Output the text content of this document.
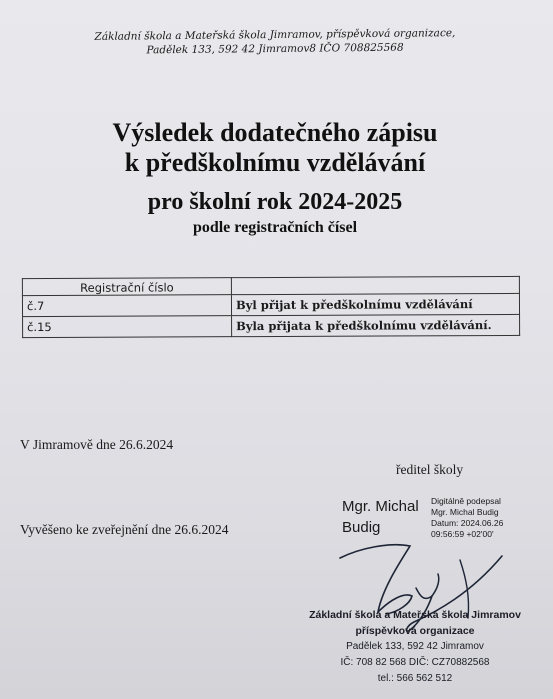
Základní škola a Mateřská škola Jimramov, příspěvková organizace,
Padělek 133, 592 42 Jimramov8 IČO 708825568
Výsledek dodatečného zápisu
k předškolnímu vzdělávání
pro školní rok 2024-2025
podle registračních čísel
Registrační číslo	
č.7	Byl přijat k předškolnímu vzdělávání
č.15	Byla přijata k předškolnímu vzdělávání.
V Jimramově dne 26.6.2024
ředitel školy
Vyvěšeno ke zveřejnění dne 26.6.2024
Mgr. Michal
Budig
Digitálně podepsal
Mgr. Michal Budig
Datum: 2024.06.26
09:56:59 +02'00'
Základní škola a Mateřská škola Jimramov
příspěvková organizace
Padělek 133, 592 42 Jimramov
IČ: 708 82 568 DIČ: CZ70882568
tel.: 566 562 512
